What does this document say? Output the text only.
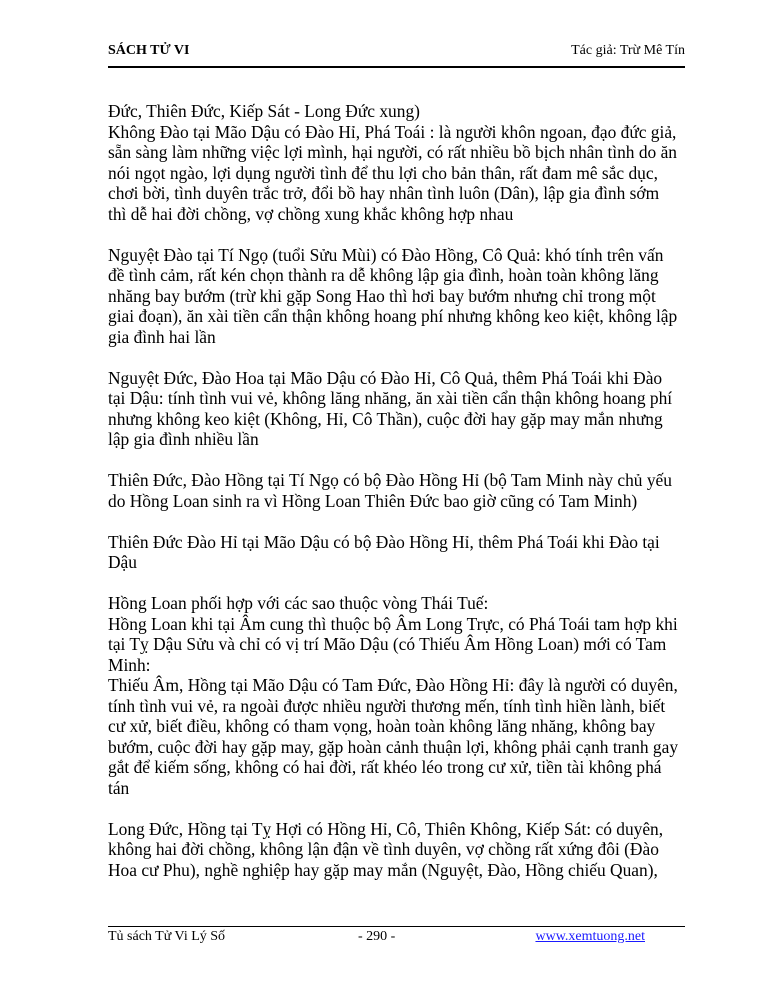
SÁCH TỬ VI	Tác giả: Trừ Mê Tín

Đức, Thiên Đức, Kiếp Sát - Long Đức xung)
Không Đào tại Mão Dậu có Đào Hỉ, Phá Toái : là người khôn ngoan, đạo đức giả,
sẵn sàng làm những việc lợi mình, hại người, có rất nhiều bồ bịch nhân tình do ăn
nói ngọt ngào, lợi dụng người tình để thu lợi cho bản thân, rất đam mê sắc dục,
chơi bời, tình duyên trắc trở, đổi bồ hay nhân tình luôn (Dân), lập gia đình sớm
thì dễ hai đời chồng, vợ chồng xung khắc không hợp nhau

Nguyệt Đào tại Tí Ngọ (tuổi Sửu Mùi) có Đào Hồng, Cô Quả: khó tính trên vấn
đề tình cảm, rất kén chọn thành ra dễ không lập gia đình, hoàn toàn không lăng
nhăng bay bướm (trừ khi gặp Song Hao thì hơi bay bướm nhưng chỉ trong một
giai đoạn), ăn xài tiền cẩn thận không hoang phí nhưng không keo kiệt, không lập
gia đình hai lần

Nguyệt Đức, Đào Hoa tại Mão Dậu có Đào Hỉ, Cô Quả, thêm Phá Toái khi Đào
tại Dậu: tính tình vui vẻ, không lăng nhăng, ăn xài tiền cẩn thận không hoang phí
nhưng không keo kiệt (Không, Hỉ, Cô Thần), cuộc đời hay gặp may mắn nhưng
lập gia đình nhiều lần

Thiên Đức, Đào Hồng tại Tí Ngọ có bộ Đào Hồng Hỉ (bộ Tam Minh này chủ yếu
do Hồng Loan sinh ra vì Hồng Loan Thiên Đức bao giờ cũng có Tam Minh)

Thiên Đức Đào Hỉ tại Mão Dậu có bộ Đào Hồng Hỉ, thêm Phá Toái khi Đào tại
Dậu

Hồng Loan phối hợp với các sao thuộc vòng Thái Tuế:
Hồng Loan khi tại Âm cung thì thuộc bộ Âm Long Trực, có Phá Toái tam hợp khi
tại Tỵ Dậu Sửu và chỉ có vị trí Mão Dậu (có Thiếu Âm Hồng Loan) mới có Tam
Minh:
Thiếu Âm, Hồng tại Mão Dậu có Tam Đức, Đào Hồng Hỉ: đây là người có duyên,
tính tình vui vẻ, ra ngoài được nhiều người thương mến, tính tình hiền lành, biết
cư xử, biết điều, không có tham vọng, hoàn toàn không lăng nhăng, không bay
bướm, cuộc đời hay gặp may, gặp hoàn cảnh thuận lợi, không phải cạnh tranh gay
gắt để kiếm sống, không có hai đời, rất khéo léo trong cư xử, tiền tài không phá
tán

Long Đức, Hồng tại Tỵ Hợi có Hồng Hỉ, Cô, Thiên Không, Kiếp Sát: có duyên,
không hai đời chồng, không lận đận về tình duyên, vợ chồng rất xứng đôi (Đào
Hoa cư Phu), nghề nghiệp hay gặp may mắn (Nguyệt, Đào, Hồng chiếu Quan),

Tủ sách Tử Vi Lý Số	- 290 -	www.xemtuong.net
